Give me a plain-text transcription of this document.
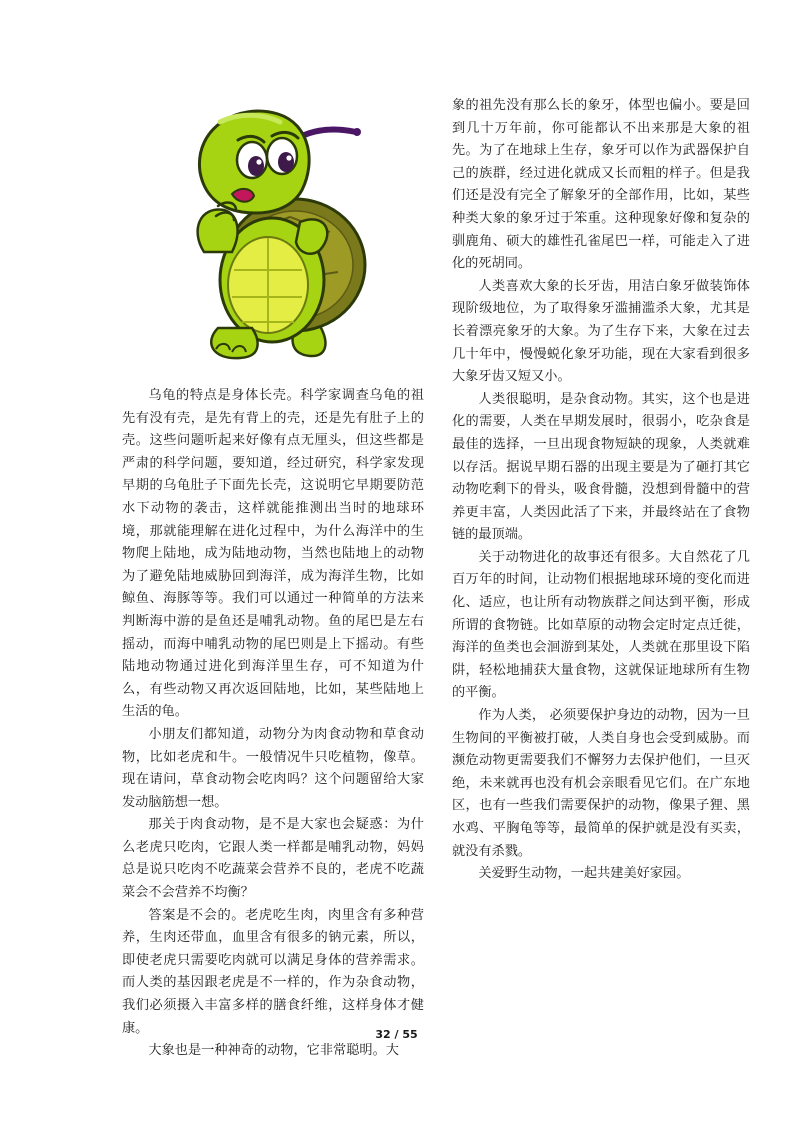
乌龟的特点是身体长壳。科学家调查乌龟的祖先有没有壳，是先有背上的壳，还是先有肚子上的壳。这些问题听起来好像有点无厘头，但这些都是严肃的科学问题，要知道，经过研究，科学家发现早期的乌龟肚子下面先长壳，这说明它早期要防范水下动物的袭击，这样就能推测出当时的地球环境，那就能理解在进化过程中，为什么海洋中的生物爬上陆地，成为陆地动物，当然也陆地上的动物为了避免陆地威胁回到海洋，成为海洋生物，比如鲸鱼、海豚等等。我们可以通过一种简单的方法来判断海中游的是鱼还是哺乳动物。鱼的尾巴是左右摇动，而海中哺乳动物的尾巴则是上下摇动。有些陆地动物通过进化到海洋里生存，可不知道为什么，有些动物又再次返回陆地，比如，某些陆地上生活的龟。

小朋友们都知道，动物分为肉食动物和草食动物，比如老虎和牛。一般情况牛只吃植物，像草。现在请问，草食动物会吃肉吗？这个问题留给大家发动脑筋想一想。

那关于肉食动物，是不是大家也会疑惑：为什么老虎只吃肉，它跟人类一样都是哺乳动物，妈妈总是说只吃肉不吃蔬菜会营养不良的，老虎不吃蔬菜会不会营养不均衡？

答案是不会的。老虎吃生肉，肉里含有多种营养，生肉还带血，血里含有很多的钠元素，所以，即使老虎只需要吃肉就可以满足身体的营养需求。而人类的基因跟老虎是不一样的，作为杂食动物，我们必须摄入丰富多样的膳食纤维，这样身体才健康。

大象也是一种神奇的动物，它非常聪明。大

象的祖先没有那么长的象牙，体型也偏小。要是回到几十万年前，你可能都认不出来那是大象的祖先。为了在地球上生存，象牙可以作为武器保护自己的族群，经过进化就成又长而粗的样子。但是我们还是没有完全了解象牙的全部作用，比如，某些种类大象的象牙过于笨重。这种现象好像和复杂的驯鹿角、硕大的雄性孔雀尾巴一样，可能走入了进化的死胡同。

人类喜欢大象的长牙齿，用洁白象牙做装饰体现阶级地位，为了取得象牙滥捕滥杀大象，尤其是长着漂亮象牙的大象。为了生存下来，大象在过去几十年中，慢慢蜕化象牙功能，现在大家看到很多大象牙齿又短又小。

人类很聪明，是杂食动物。其实，这个也是进化的需要，人类在早期发展时，很弱小，吃杂食是最佳的选择，一旦出现食物短缺的现象，人类就难以存活。据说早期石器的出现主要是为了砸打其它动物吃剩下的骨头，吸食骨髓，没想到骨髓中的营养更丰富，人类因此活了下来，并最终站在了食物链的最顶端。

关于动物进化的故事还有很多。大自然花了几百万年的时间，让动物们根据地球环境的变化而进化、适应，也让所有动物族群之间达到平衡，形成所谓的食物链。比如草原的动物会定时定点迁徙，海洋的鱼类也会洄游到某处，人类就在那里设下陷阱，轻松地捕获大量食物，这就保证地球所有生物的平衡。

作为人类， 必须要保护身边的动物，因为一旦生物间的平衡被打破，人类自身也会受到威胁。而濒危动物更需要我们不懈努力去保护他们，一旦灭绝，未来就再也没有机会亲眼看见它们。在广东地区，也有一些我们需要保护的动物，像果子狸、黑水鸡、平胸龟等等，最简单的保护就是没有买卖，就没有杀戮。

关爱野生动物，一起共建美好家园。

32 / 55
